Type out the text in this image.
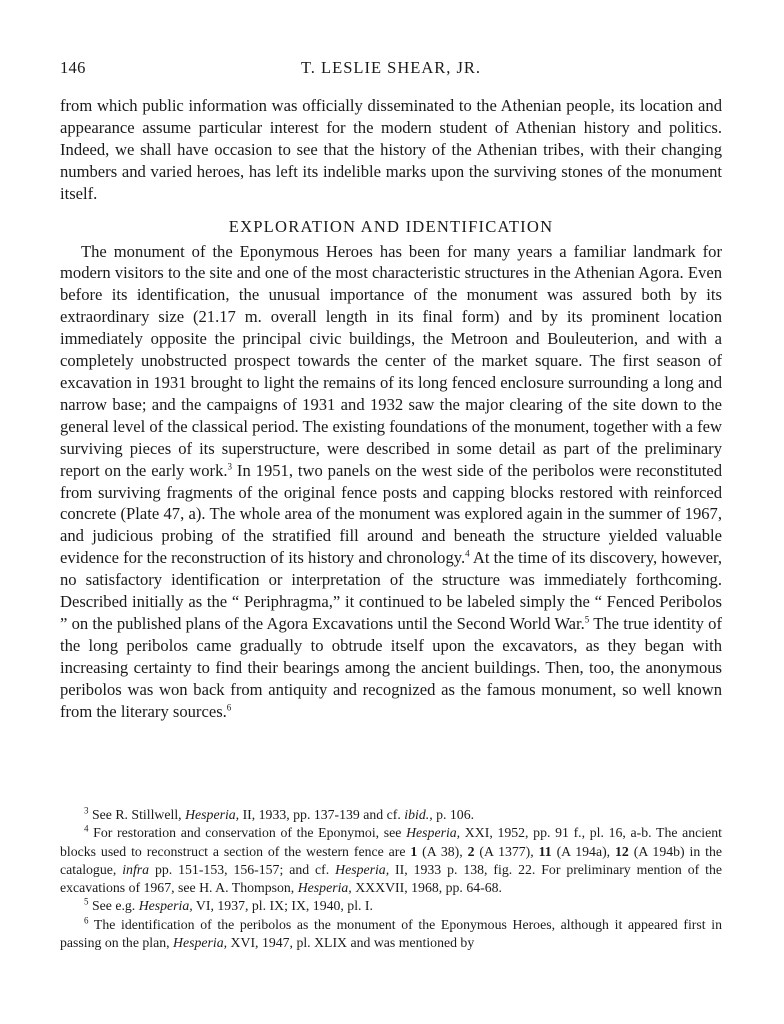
146	T. LESLIE SHEAR, JR.

from which public information was officially disseminated to the Athenian people, its location and appearance assume particular interest for the modern student of Athenian history and politics. Indeed, we shall have occasion to see that the history of the Athenian tribes, with their changing numbers and varied heroes, has left its indelible marks upon the surviving stones of the monument itself.

EXPLORATION AND IDENTIFICATION

The monument of the Eponymous Heroes has been for many years a familiar landmark for modern visitors to the site and one of the most characteristic structures in the Athenian Agora. Even before its identification, the unusual importance of the monument was assured both by its extraordinary size (21.17 m. overall length in its final form) and by its prominent location immediately opposite the principal civic buildings, the Metroon and Bouleuterion, and with a completely unobstructed prospect towards the center of the market square. The first season of excavation in 1931 brought to light the remains of its long fenced enclosure surrounding a long and narrow base; and the campaigns of 1931 and 1932 saw the major clearing of the site down to the general level of the classical period. The existing foundations of the monument, together with a few surviving pieces of its superstructure, were described in some detail as part of the preliminary report on the early work.$^3$ In 1951, two panels on the west side of the peribolos were reconstituted from surviving fragments of the original fence posts and capping blocks restored with reinforced concrete (Plate 47, a). The whole area of the monument was explored again in the summer of 1967, and judicious probing of the stratified fill around and beneath the structure yielded valuable evidence for the reconstruction of its history and chronology.$^4$ At the time of its discovery, however, no satisfactory identification or interpretation of the structure was immediately forthcoming. Described initially as the “ Periphragma,” it continued to be labeled simply the “ Fenced Peribolos ” on the published plans of the Agora Excavations until the Second World War.$^5$ The true identity of the long peribolos came gradually to obtrude itself upon the excavators, as they began with increasing certainty to find their bearings among the ancient buildings. Then, too, the anonymous peribolos was won back from antiquity and recognized as the famous monument, so well known from the literary sources.$^6$

$^3$ See R. Stillwell, Hesperia, II, 1933, pp. 137-139 and cf. ibid., p. 106.

$^4$ For restoration and conservation of the Eponymoi, see Hesperia, XXI, 1952, pp. 91 f., pl. 16, a-b. The ancient blocks used to reconstruct a section of the western fence are 1 (A 38), 2 (A 1377), 11 (A 194a), 12 (A 194b) in the catalogue, infra pp. 151-153, 156-157; and cf. Hesperia, II, 1933 p. 138, fig. 22. For preliminary mention of the excavations of 1967, see H. A. Thompson, Hesperia, XXXVII, 1968, pp. 64-68.

$^5$ See e.g. Hesperia, VI, 1937, pl. IX; IX, 1940, pl. I.

$^6$ The identification of the peribolos as the monument of the Eponymous Heroes, although it appeared first in passing on the plan, Hesperia, XVI, 1947, pl. XLIX and was mentioned by
